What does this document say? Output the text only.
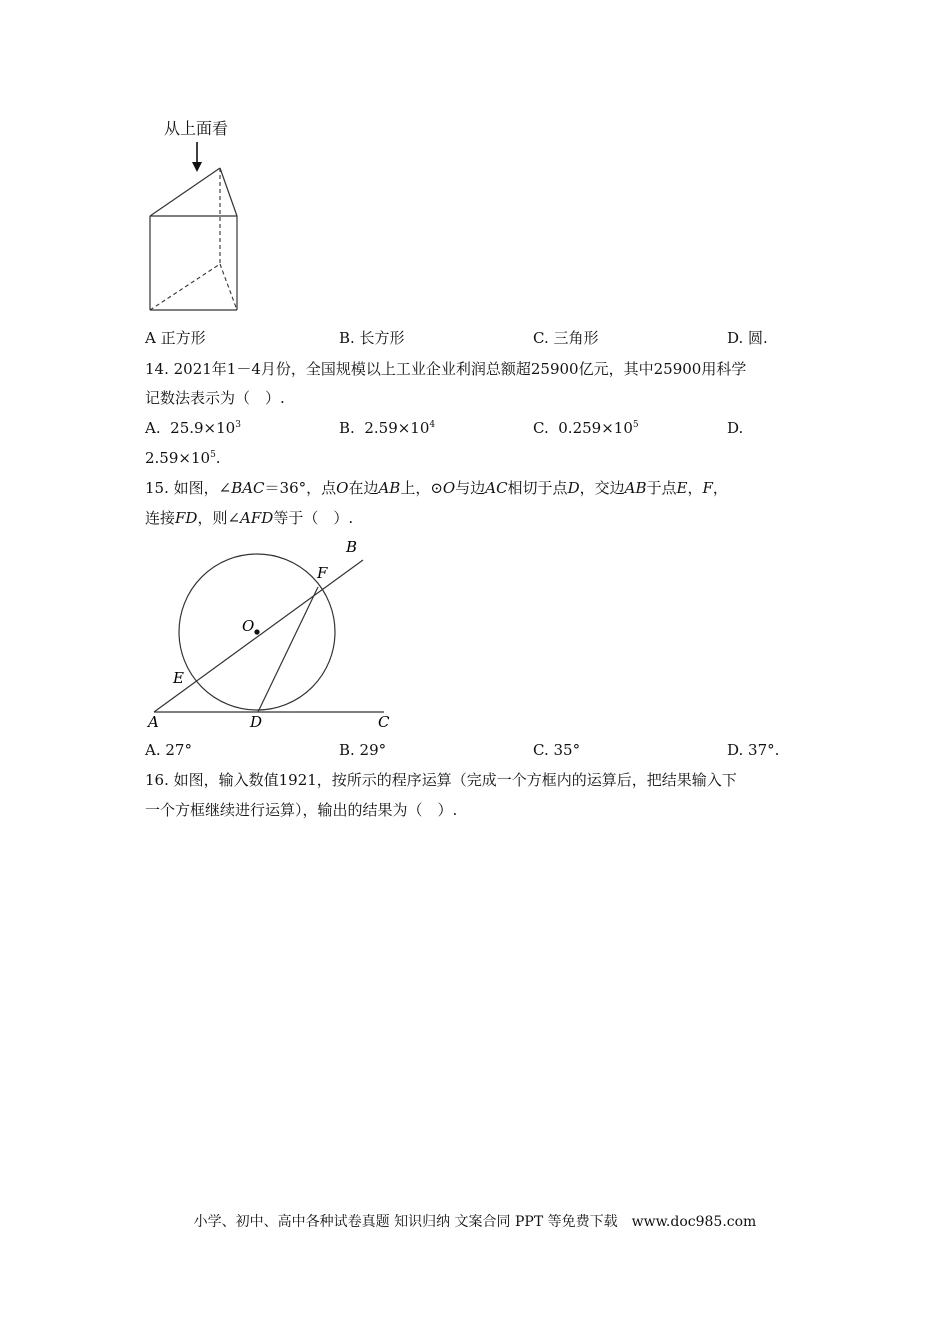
从上面看
A 正方形	B. 长方形	C. 三角形	D. 圆.
14. 2021年1－4月份，全国规模以上工业企业利润总额超25900亿元，其中25900用科学
记数法表示为（　）.
A. $25.9\times 10^3$	B. $2.59\times 10^4$	C. $0.259\times 10^5$	D.
$2.59\times 10^5$.
15. 如图，∠BAC＝36°，点O在边AB上，⊙O与边AC相切于点D，交边AB于点E，F，
连接FD，则∠AFD等于（　）.
A
B
C
D
E
F
O
A. 27°	B. 29°	C. 35°	D. 37°.
16. 如图，输入数值1921，按所示的程序运算（完成一个方框内的运算后，把结果输入下
一个方框继续进行运算），输出的结果为（　）.
小学、初中、高中各种试卷真题 知识归纳 文案合同 PPT 等免费下载　www.doc985.com
